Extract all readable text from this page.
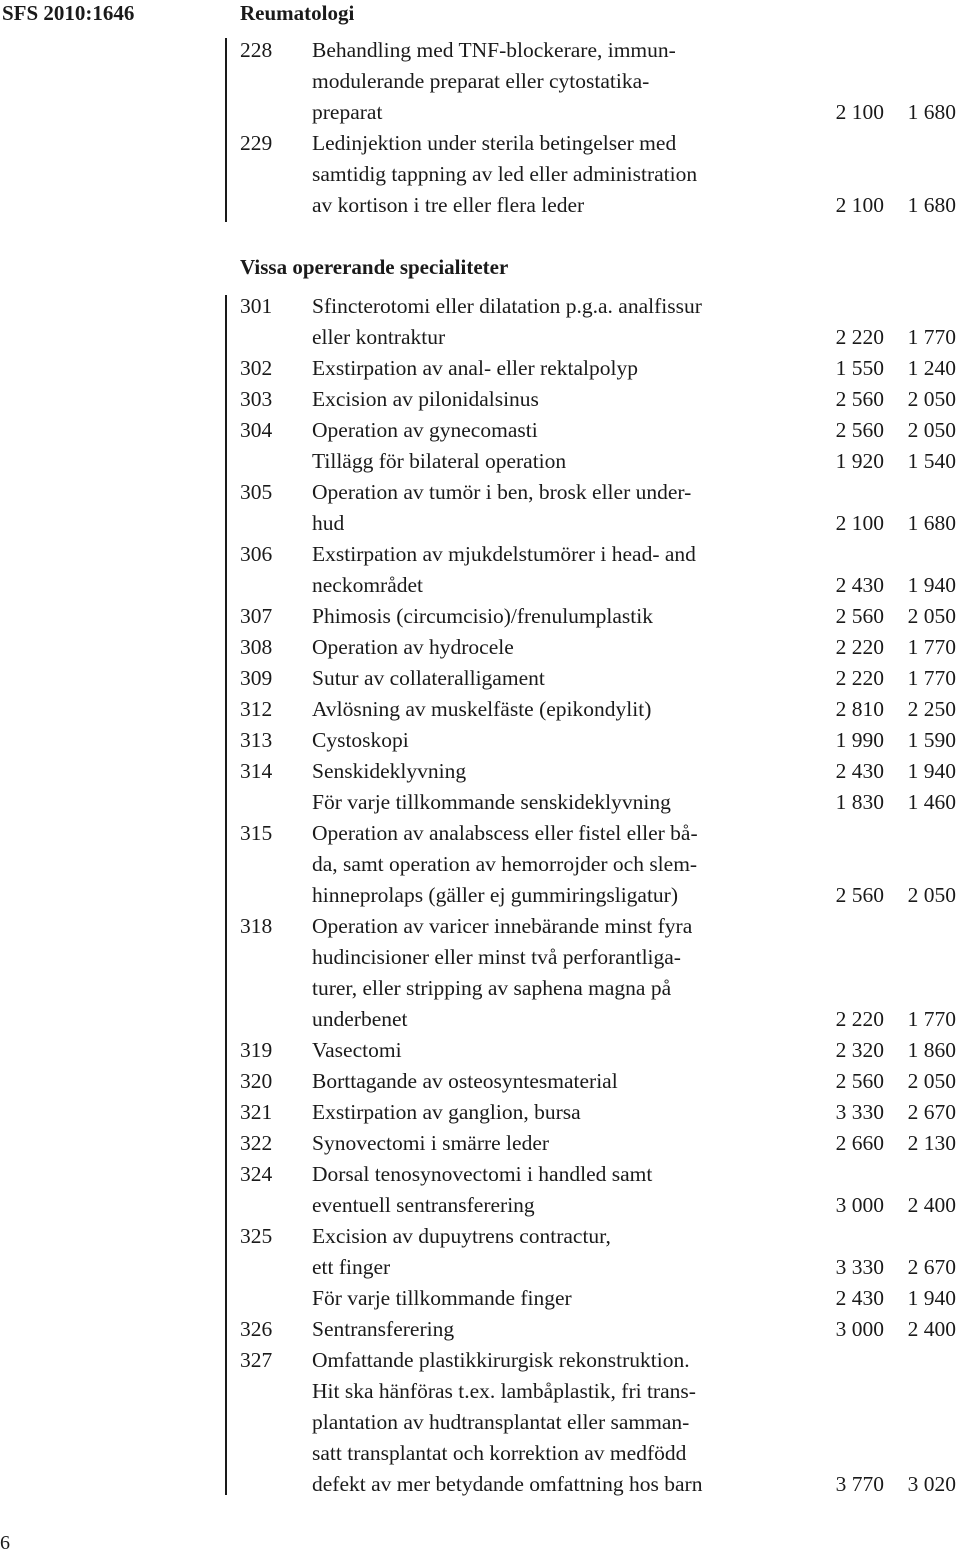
SFS 2010:1646	Reumatologi
228	Behandling med TNF-blockerare, immun-
modulerande preparat eller cytostatika-
preparat	2 100	1 680
229	Ledinjektion under sterila betingelser med
samtidig tappning av led eller administration
av kortison i tre eller flera leder	2 100	1 680
Vissa opererande specialiteter
301	Sfincterotomi eller dilatation p.g.a. analfissur
eller kontraktur	2 220	1 770
302	Exstirpation av anal- eller rektalpolyp	1 550	1 240
303	Excision av pilonidalsinus	2 560	2 050
304	Operation av gynecomasti	2 560	2 050
Tillägg för bilateral operation	1 920	1 540
305	Operation av tumör i ben, brosk eller under-
hud	2 100	1 680
306	Exstirpation av mjukdelstumörer i head- and
neckområdet	2 430	1 940
307	Phimosis (circumcisio)/frenulumplastik	2 560	2 050
308	Operation av hydrocele	2 220	1 770
309	Sutur av collateralligament	2 220	1 770
312	Avlösning av muskelfäste (epikondylit)	2 810	2 250
313	Cystoskopi	1 990	1 590
314	Senskideklyvning	2 430	1 940
För varje tillkommande senskideklyvning	1 830	1 460
315	Operation av analabscess eller fistel eller bå-
da, samt operation av hemorrojder och slem-
hinneprolaps (gäller ej gummiringsligatur)	2 560	2 050
318	Operation av varicer innebärande minst fyra
hudincisioner eller minst två perforantliga-
turer, eller stripping av saphena magna på
underbenet	2 220	1 770
319	Vasectomi	2 320	1 860
320	Borttagande av osteosyntesmaterial	2 560	2 050
321	Exstirpation av ganglion, bursa	3 330	2 670
322	Synovectomi i smärre leder	2 660	2 130
324	Dorsal tenosynovectomi i handled samt
eventuell sentransferering	3 000	2 400
325	Excision av dupuytrens contractur,
ett finger	3 330	2 670
För varje tillkommande finger	2 430	1 940
326	Sentransferering	3 000	2 400
327	Omfattande plastikkirurgisk rekonstruktion.
Hit ska hänföras t.ex. lambåplastik, fri trans-
plantation av hudtransplantat eller samman-
satt transplantat och korrektion av medfödd
defekt av mer betydande omfattning hos barn	3 770	3 020
6
